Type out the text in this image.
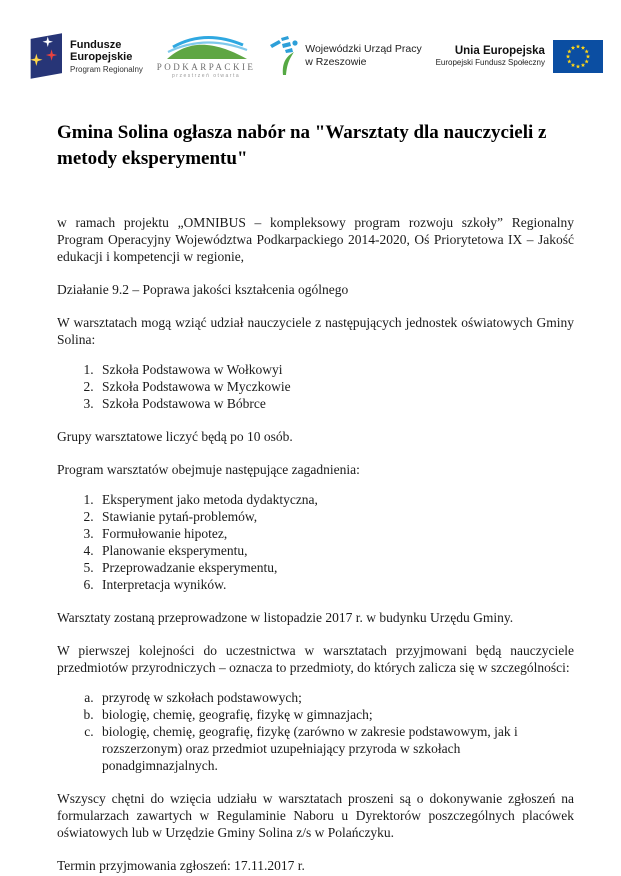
Fundusze
Europejskie
Program Regionalny PODKARPACKIE
przestrzeń otwarta
Wojewódzki Urząd Pracy
w Rzeszowie
Unia Europejska
Europejski Fundusz Społeczny
Gmina Solina ogłasza nabór na "Warsztaty dla nauczycieli z metody eksperymentu"

w ramach projektu „OMNIBUS – kompleksowy program rozwoju szkoły” Regionalny Program Operacyjny Województwa Podkarpackiego 2014-2020, Oś Priorytetowa IX – Jakość edukacji i kompetencji w regionie,

Działanie 9.2 – Poprawa jakości kształcenia ogólnego

W warsztatach mogą wziąć udział nauczyciele z następujących jednostek oświatowych Gminy Solina:

1. Szkoła Podstawowa w Wołkowyi
2. Szkoła Podstawowa w Myczkowie
3. Szkoła Podstawowa w Bóbrce

Grupy warsztatowe liczyć będą po 10 osób.

Program warsztatów obejmuje następujące zagadnienia:

1. Eksperyment jako metoda dydaktyczna,
2. Stawianie pytań-problemów,
3. Formułowanie hipotez,
4. Planowanie eksperymentu,
5. Przeprowadzanie eksperymentu,
6. Interpretacja wyników.

Warsztaty zostaną przeprowadzone w listopadzie 2017 r. w budynku Urzędu Gminy.

W pierwszej kolejności do uczestnictwa w warsztatach przyjmowani będą nauczyciele przedmiotów przyrodniczych – oznacza to przedmioty, do których zalicza się w szczególności:

a. przyrodę w szkołach podstawowych;
b. biologię, chemię, geografię, fizykę w gimnazjach;
c. biologię, chemię, geografię, fizykę (zarówno w zakresie podstawowym, jak i rozszerzonym) oraz przedmiot uzupełniający przyroda w szkołach ponadgimnazjalnych.

Wszyscy chętni do wzięcia udziału w warsztatach proszeni są o dokonywanie zgłoszeń na formularzach zawartych w Regulaminie Naboru u Dyrektorów poszczególnych placówek oświatowych lub w Urzędzie Gminy Solina z/s w Polańczyku.

Termin przyjmowania zgłoszeń: 17.11.2017 r.
